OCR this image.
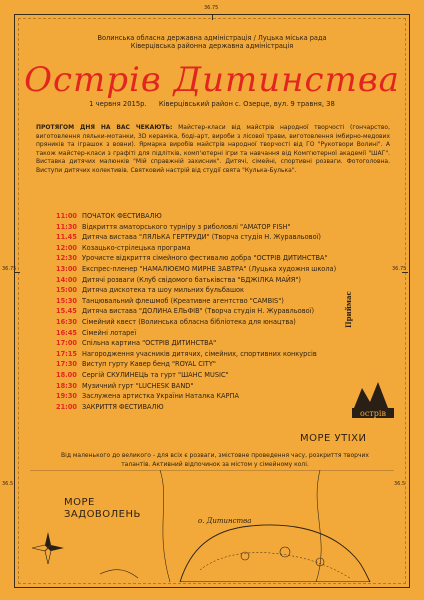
36.75
36.75	36.75
36.5	36.5

Волинська обласна державна адміністрація / Луцька міська рада

Ківерцівська районна державна адміністрація

Острів Дитинства
1 червня 2015р. Ківерцівський район с. Озерце, вул. 9 травня, 38
ПРОТЯГОМ ДНЯ НА ВАС ЧЕКАЮТЬ: Майстер-класи від майстрів народної творчості (гончарство, виготовлення ляльки-мотанки, 3D кераміка, боді-арт, вироби з лісової трави, виготовлення імбирно-медових пряників та іграшок з вовни). Ярмарка виробів майстрів народної творчості від ГО "Рукотвори Волині". А також майстер-класи з графіті для підлітків, комп'ютерні ігри та навчання від Комп'ютерної академії "ШАГ". Виставка дитячих малюнків "Мій справжній захисник". Дитячі, сімейні, спортивні розваги. Фотоголовна. Виступи дитячих колективів. Святковий настрій від студії свята "Кулька-Булька".
11:00 ПОЧАТОК ФЕСТИВАЛЮ
11:30 Відкриття аматорського турніру з риболовлі "AMATOP FISH"
11.45 Дитяча вистава "ЛЯЛЬКА ГЕРТРУДИ" (Творча студія Н. Журавльової)
12:00 Козацько-стрілецька програма
12:30 Урочисте відкриття сімейного фестивалю добра "ОСТРІВ ДИТИНСТВА"
13:00 Експрес-пленер "НАМАЛЮЄМО МИРНЕ ЗАВТРА" (Луцька художня школа)
14:00 Дитячі розваги (Клуб свідомого батьківства "БДЖІЛКА МАЙЯ")
15:00 Дитяча дискотека та шоу мильних бульбашок
15:30 Танцювальний флешмоб (Креативне агентство "CAMBIS")
15.45 Дитяча вистава "ДОЛИНА ЕЛЬФІВ" (Творча студія Н. Журавльової)
16:30 Сімейний квест (Волинська обласна бібліотека для юнацтва)
16:45 Сімейні лотареї
17:00 Спільна картина "ОСТРІВ ДИТИНСТВА"
17:15 Нагородження учасників дитячих, сімейних, спортивних конкурсів
17:30 Виступ гурту Кавер бенд "ROYAL CITY"
18.00 Сергій СКУЛИНЕЦЬ та гурт "ШАНС MUSIC"
18:30 Музичний гурт "LUCHESK BAND"
19:30 Заслужена артистка України Наталка КАРПА
21:00 ЗАКРИТТЯ ФЕСТИВАЛЮ
Від маленького до великого - для всіх є розваги, змістовне проведення часу, розкриття творчих талантів. Активний відпочинок за містом у сімейному колі.
острів
МОРЕ
ЗАДОВОЛЕНЬ
МОРЕ УТІХИ
о. Дитинства
Приймас
